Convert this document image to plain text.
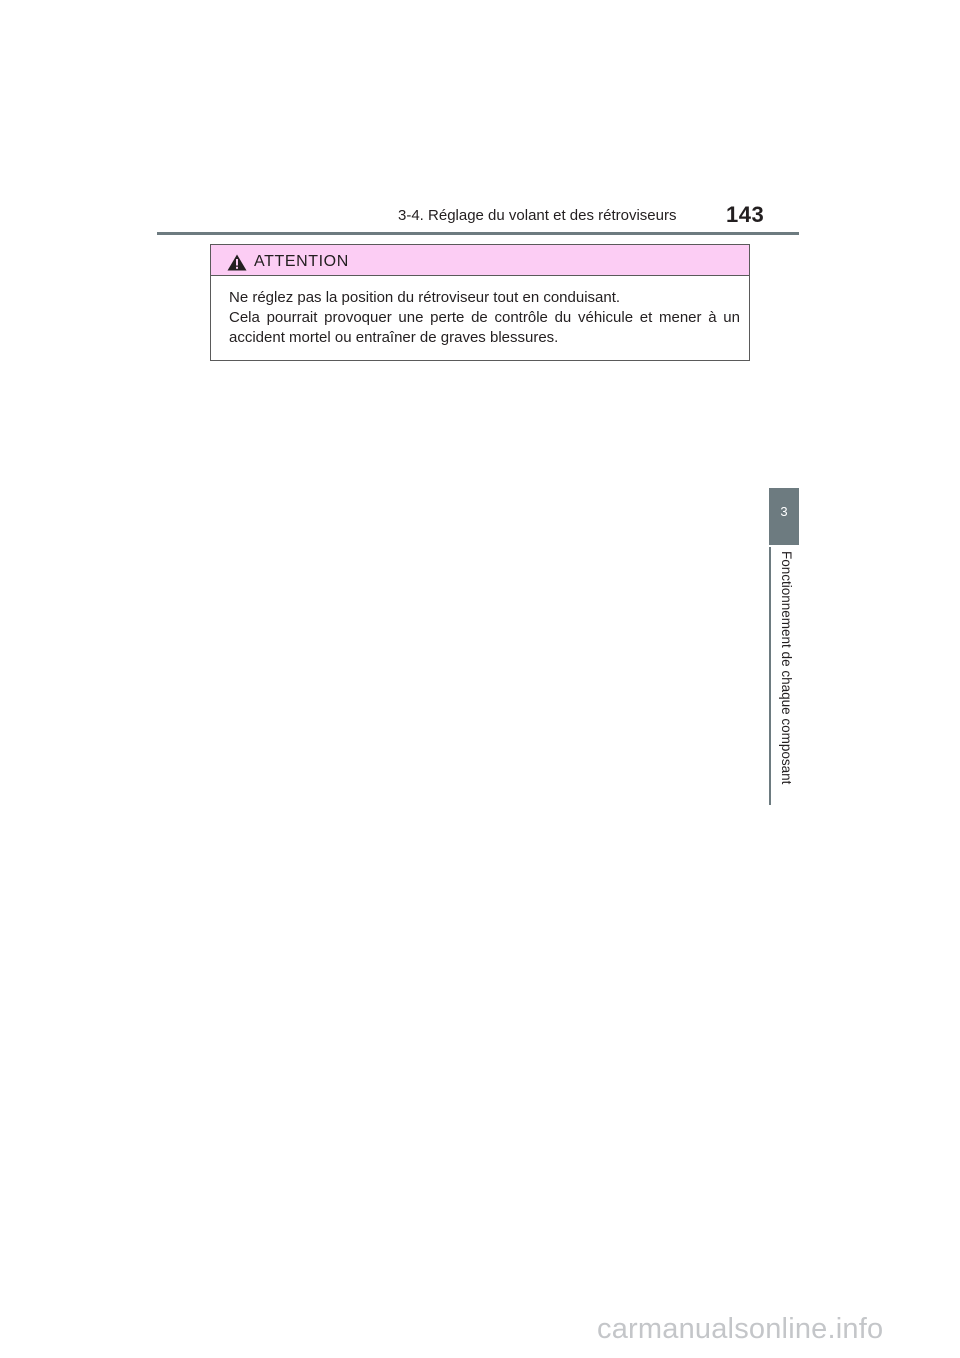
3-4. Réglage du volant et des rétroviseurs 143
ATTENTION

Ne réglez pas la position du rétroviseur tout en conduisant.

Cela pourrait provoquer une perte de contrôle du véhicule et mener à un accident mortel ou entraîner de graves blessures.

3
Fonctionnement de chaque composant
carmanualsonline.info
